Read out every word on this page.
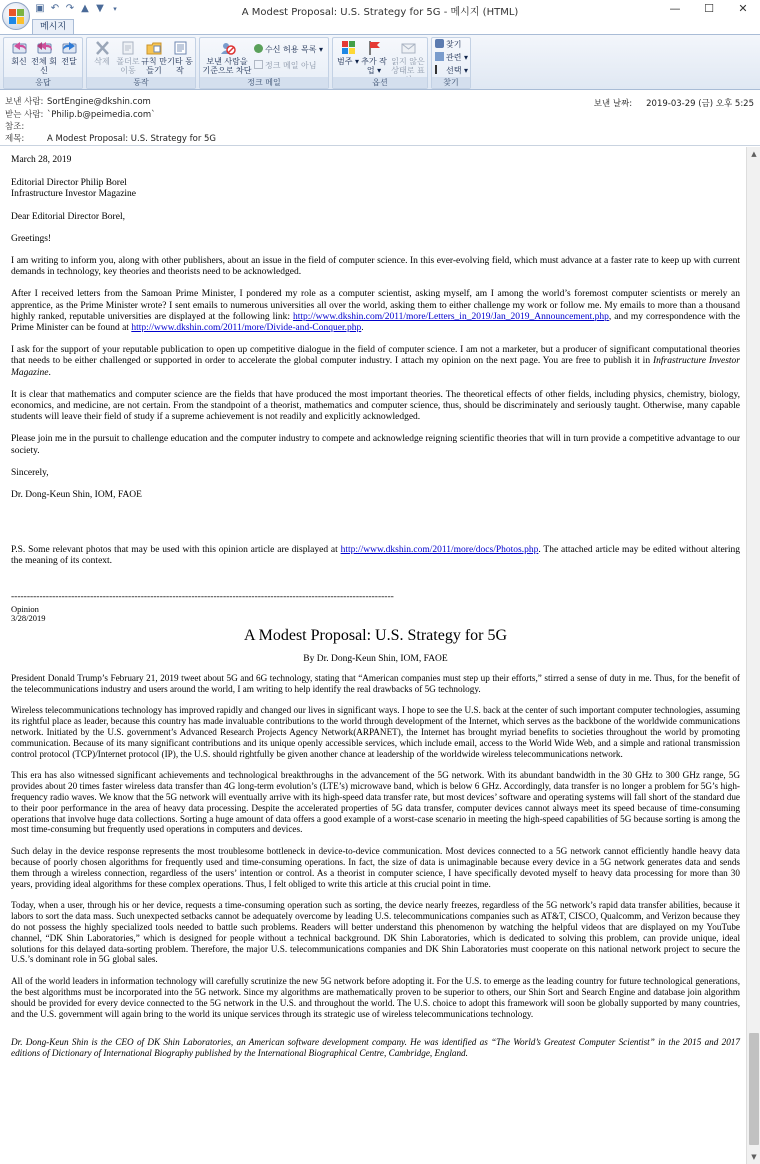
▣ ↶ ↷ ▲ ▼	▾	A Modest Proposal: U.S. Strategy for 5G - 메시지 (HTML)	—	☐	✕
메시지
회신 전체 회신
전달
응답
삭제 폴더로 이동
규칙 만들기
기타 동작
동작
보낸 사람을 기준으로 차단
수신 허용 목록 ▾
정크 메일 아님
정크 메일
범주 ▾ 추가 작업 ▾
읽지 않은 상태로 표
옵션
찾기
관련 ▾
선택 ▾
찾기
보낸 사람: SortEngine@dkshin.com
받는 사람: `Philip.b@peimedia.com`
참조:
제목:	A Modest Proposal: U.S. Strategy for 5G
보낸 날짜: 2019-03-29 (금) 오후 5:25

March 28, 2019

Editorial Director Philip Borel

Infrastructure Investor Magazine

Dear Editorial Director Borel,

Greetings!

I am writing to inform you, along with other publishers, about an issue in the field of computer science. In this ever-evolving field, which must advance at a faster rate to keep up with current demands in technology, key theories and theorists need to be acknowledged.

After I received letters from the Samoan Prime Minister, I pondered my role as a computer scientist, asking myself, am I among the world’s foremost computer scientists or merely an apprentice, as the Prime Minister wrote? I sent emails to numerous universities all over the world, asking them to either challenge my work or follow me. My emails to more than a thousand highly ranked, reputable universities are displayed at the following link: http://www.dkshin.com/2011/more/Letters_in_2019/Jan_2019_Announcement.php, and my correspondence with the Prime Minister can be found at http://www.dkshin.com/2011/more/Divide-and-Conquer.php.

I ask for the support of your reputable publication to open up competitive dialogue in the field of computer science. I am not a marketer, but a producer of significant computational theories that needs to be either challenged or supported in order to accelerate the global computer industry. I attach my opinion on the next page. You are free to publish it in Infrastructure Investor Magazine.

It is clear that mathematics and computer science are the fields that have produced the most important theories. The theoretical effects of other fields, including physics, chemistry, biology, economics, and medicine, are not certain. From the standpoint of a theorist, mathematics and computer science, thus, should be discriminately and seriously taught. Otherwise, many capable students will leave their field of study if a supreme achievement is not readily and explicitly acknowledged.

Please join me in the pursuit to challenge education and the computer industry to compete and acknowledge reigning scientific theories that will in turn provide a competitive advantage to our society.

Sincerely,

Dr. Dong-Keun Shin, IOM, FAOE

P.S. Some relevant photos that may be used with this opinion article are displayed at http://www.dkshin.com/2011/more/docs/Photos.php. The attached article may be edited without altering the meaning of its context.

-------------------------------------------------------------------------------------------------------------------------
Opinion
3/28/2019
A Modest Proposal: U.S. Strategy for 5G
By Dr. Dong-Keun Shin, IOM, FAOE

President Donald Trump’s February 21, 2019 tweet about 5G and 6G technology, stating that “American companies must step up their efforts,” stirred a sense of duty in me. Thus, for the benefit of the telecommunications industry and users around the world, I am writing to help identify the real drawbacks of 5G technology.

Wireless telecommunications technology has improved rapidly and changed our lives in significant ways. I hope to see the U.S. back at the center of such important computer technologies, assuming its rightful place as leader, because this country has made invaluable contributions to the world through development of the Internet, which serves as the backbone of the worldwide communications network. Initiated by the U.S. government’s Advanced Research Projects Agency Network(ARPANET), the Internet has brought myriad benefits to societies throughout the world by promoting communication. Because of its many significant contributions and its unique openly accessible services, which include email, access to the World Wide Web, and a simple and rational transmission control protocol (TCP)/Internet protocol (IP), the U.S. should rightfully be given another chance at leadership of the worldwide wireless telecommunications network.

This era has also witnessed significant achievements and technological breakthroughs in the advancement of the 5G network. With its abundant bandwidth in the 30 GHz to 300 GHz range, 5G provides about 20 times faster wireless data transfer than 4G long-term evolution’s (LTE’s) microwave band, which is below 6 GHz. Accordingly, data transfer is no longer a problem for 5G’s high-frequency radio waves. We know that the 5G network will eventually arrive with its high-speed data transfer rate, but most devices’ software and operating systems will fall short of the standard due to their poor performance in the area of heavy data processing. Despite the accelerated properties of 5G data transfer, computer devices cannot always meet its speed because of time-consuming operations that involve huge data collections. Sorting a huge amount of data offers a good example of a worst-case scenario in meeting the high-speed capabilities of 5G because sorting is among the most time-consuming but frequently used operations in computers and devices.

Such delay in the device response represents the most troublesome bottleneck in device-to-device communication. Most devices connected to a 5G network cannot efficiently handle heavy data because of poorly chosen algorithms for frequently used and time-consuming operations. In fact, the size of data is unimaginable because every device in a 5G network generates data and sends them through a wireless connection, regardless of the users’ intention or control. As a theorist in computer science, I have specifically devoted myself to heavy data processing for more than 30 years, providing ideal algorithms for these complex operations. Thus, I felt obliged to write this article at this crucial point in time.

Today, when a user, through his or her device, requests a time-consuming operation such as sorting, the device nearly freezes, regardless of the 5G network’s rapid data transfer abilities, because it labors to sort the data mass. Such unexpected setbacks cannot be adequately overcome by leading U.S. telecommunications companies such as AT&T, CISCO, Qualcomm, and Verizon because they do not possess the highly specialized tools needed to battle such problems. Readers will better understand this phenomenon by watching the helpful videos that are displayed on my YouTube channel, “DK Shin Laboratories,” which is designed for people without a technical background. DK Shin Laboratories, which is dedicated to solving this problem, can provide unique, ideal solutions for this delayed data-sorting problem. Therefore, the major U.S. telecommunications companies and DK Shin Laboratories must cooperate on this national network project to secure the U.S.’s dominant role in 5G global sales.

All of the world leaders in information technology will carefully scrutinize the new 5G network before adopting it. For the U.S. to emerge as the leading country for future technological generations, the best algorithms must be incorporated into the 5G network. Since my algorithms are mathematically proven to be superior to others, our Shin Sort and Search Engine and database join algorithm should be provided for every device connected to the 5G network in the U.S. and throughout the world. The U.S. choice to adopt this framework will soon be globally supported by many countries, and the U.S. government will again bring to the world its unique services through its strategic use of wireless telecommunications technology.

Dr. Dong-Keun Shin is the CEO of DK Shin Laboratories, an American software development company. He was identified as “The World’s Greatest Computer Scientist” in the 2015 and 2017 editions of Dictionary of International Biography published by the International Biographical Centre, Cambridge, England.

▲
▼
